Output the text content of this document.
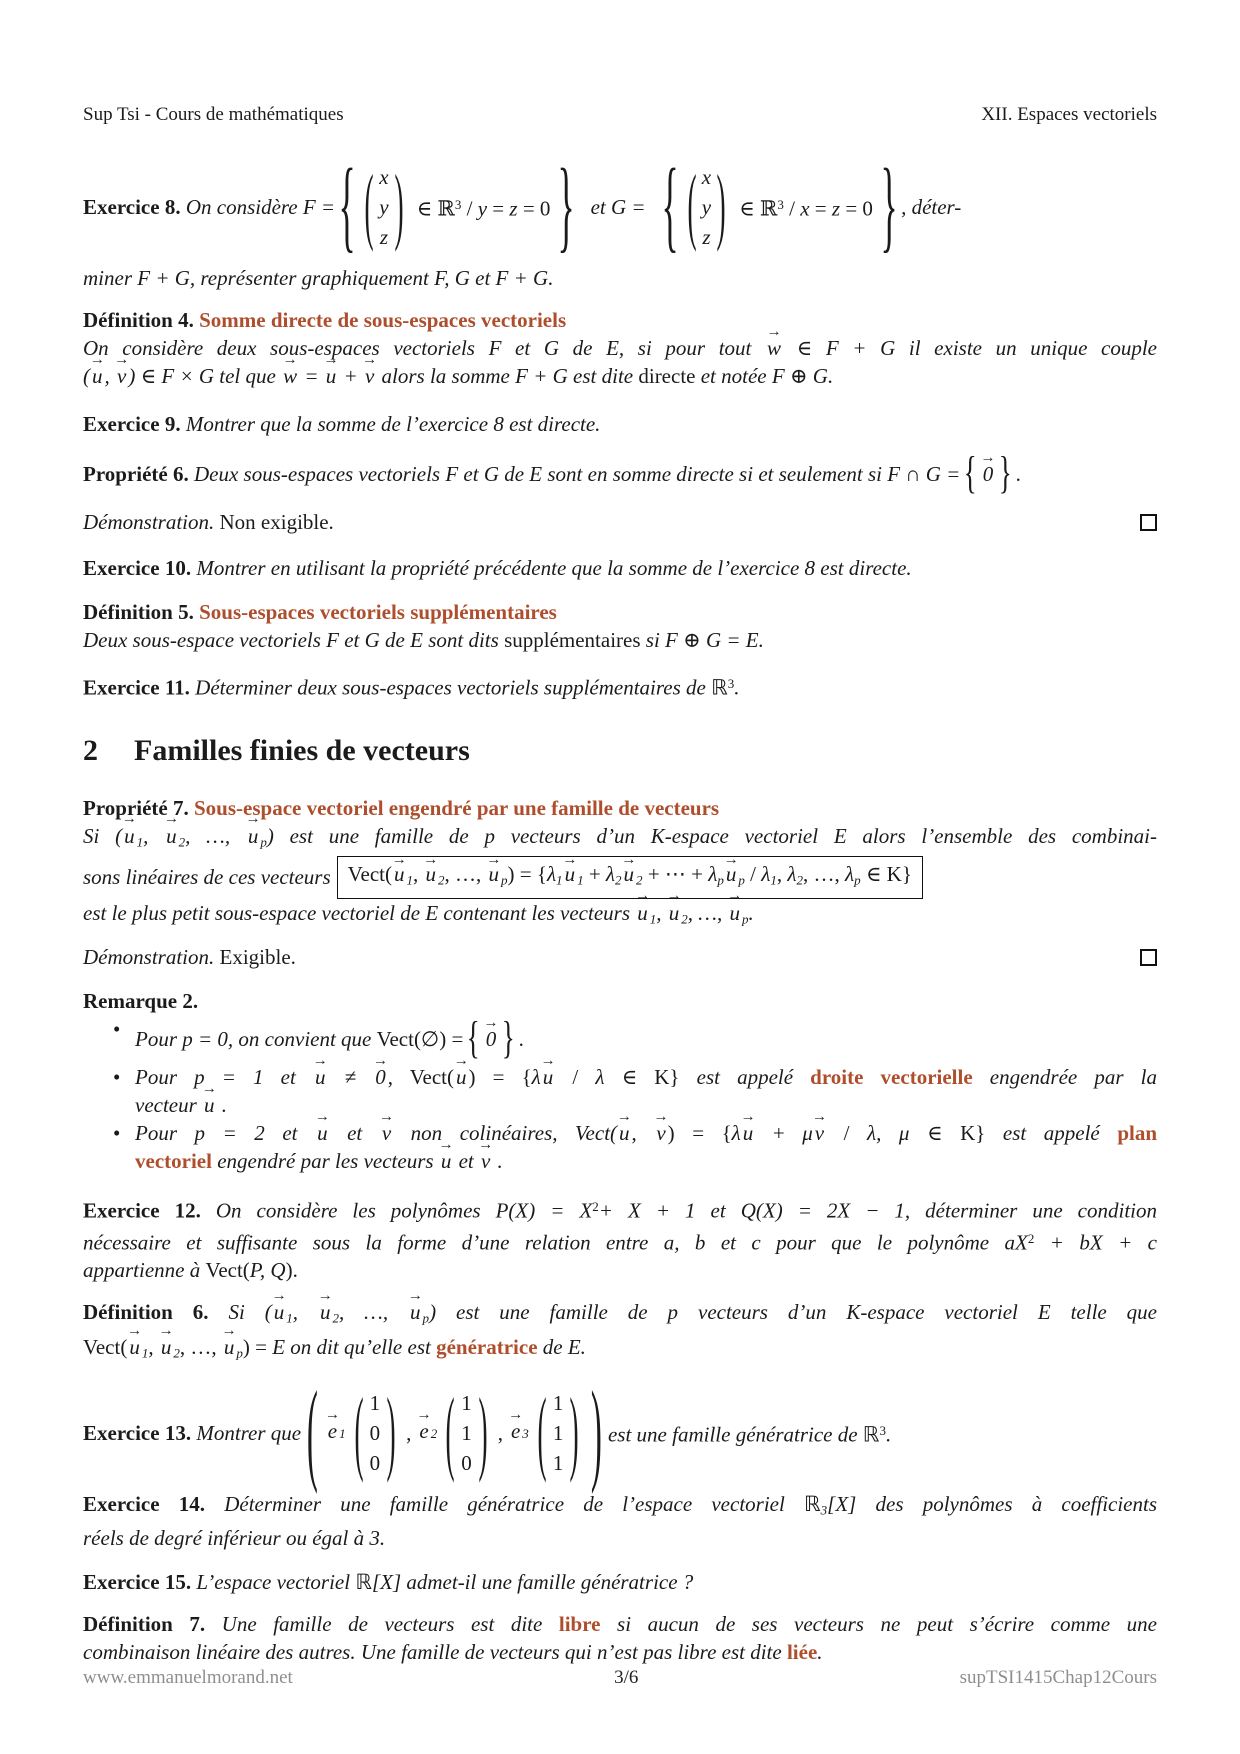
Sup Tsi - Cours de mathématiques	XII. Espaces vectoriels
Exercice 8. On considère F = { ( x
y
z ) ∈ ℝ$^3$ / y = z = 0 } et G = { ( x
y
z ) ∈ ℝ$^3$ / x = z = 0 } , déter-
miner F + G, représenter graphiquement F, G et F + G.
Définition 4. Somme directe de sous-espaces vectoriels
On considère deux sous-espaces vectoriels F et G de E, si pour tout w → ∈ F + G il existe un unique couple
(u →, v →) ∈ F × G tel que w → = u → + v → alors la somme F + G est dite directe et notée F ⊕ G.
Exercice 9. Montrer que la somme de l’exercice 8 est directe.
Propriété 6. Deux sous-espaces vectoriels F et G de E sont en somme directe si et seulement si F ∩ G = { 0 → } .
Démonstration. Non exigible.
Exercice 10. Montrer en utilisant la propriété précédente que la somme de l’exercice 8 est directe.
Définition 5. Sous-espaces vectoriels supplémentaires
Deux sous-espace vectoriels F et G de E sont dits supplémentaires si F ⊕ G = E.
Exercice 11. Déterminer deux sous-espaces vectoriels supplémentaires de ℝ$^3$.
2 Familles finies de vecteurs
Propriété 7. Sous-espace vectoriel engendré par une famille de vecteurs
Si (u → 1, u → 2, …, u → p) est une famille de p vecteurs d’un K-espace vectoriel E alors l’ensemble des combinai-
sons linéaires de ces vecteurs Vect(u → 1, u → 2, …, u → p) = {λ1u → 1 + λ2u → 2 + ⋯ + λpu → p / λ1, λ2, …, λp ∈ K}
est le plus petit sous-espace vectoriel de E contenant les vecteurs u → 1, u → 2, …, u → p.
Démonstration. Exigible.
Remarque 2.
• Pour p = 0, on convient que Vect(∅) = { 0 → } .
• Pour p = 1 et u → ≠ 0 →, Vect(u →) = {λu → / λ ∈ K} est appelé droite vectorielle engendrée par la
vecteur u → .
• Pour p = 2 et u → et v → non colinéaires, Vect(u →, v →) = {λu → + μv → / λ, μ ∈ K} est appelé plan
vectoriel engendré par les vecteurs u → et v → .
Exercice 12. On considère les polynômes $P(X) = X^2+ X + 1$ et Q(X) = 2X − 1, déterminer une condition
nécessaire et suffisante sous la forme d’une relation entre a, b et c pour que le polynôme $aX^2$ + bX + c
appartienne à Vect(P, Q).
Définition 6. Si (u → 1, u → 2, …, u → p) est une famille de p vecteurs d’un K-espace vectoriel E telle que
Vect(u → 1, u → 2, …, u → p) = E on dit qu’elle est génératrice de E.
Exercice 13. Montrer que ( e → 1 ( 1
0
0 ) , e → 2 ( 1
1
0 ) , e → 3 ( 1
1
1 ) ) est une famille génératrice de ℝ$^3$.
Exercice 14. Déterminer une famille génératrice de l’espace vectoriel ℝ3[X] des polynômes à coefficients
réels de degré inférieur ou égal à 3.
Exercice 15. L’espace vectoriel ℝ[X] admet-il une famille génératrice ?
Définition 7. Une famille de vecteurs est dite libre si aucun de ses vecteurs ne peut s’écrire comme une
combinaison linéaire des autres. Une famille de vecteurs qui n’est pas libre est dite liée.
www.emmanuelmorand.net	3/6	supTSI1415Chap12Cours
